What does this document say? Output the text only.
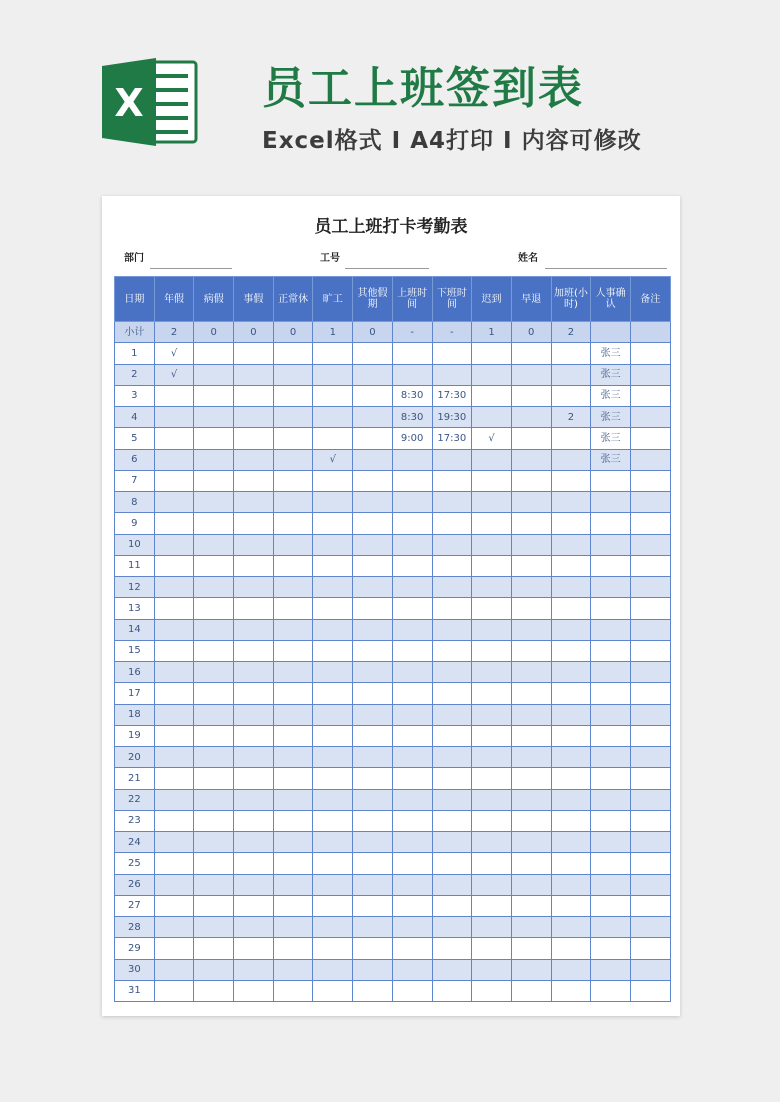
X	员工上班签到表
Excel格式 I A4打印 I 内容可修改
员工上班打卡考勤表
部门	工号	姓名
日期	年假	病假	事假	正常休	旷工	其他假期	上班时间	下班时间	迟到	早退	加班(小时)	人事确认	备注
小计	2	0	0	0	1	0	-	-	1	0	2		
1	√											张三	
2	√											张三	
3							8:30	17:30				张三	
4							8:30	19:30			2	张三	
5							9:00	17:30	√			张三	
6					√							张三	
7													
8													
9													
10													
11													
12													
13													
14													
15													
16													
17													
18													
19													
20													
21													
22													
23													
24													
25													
26													
27													
28													
29													
30													
31													
